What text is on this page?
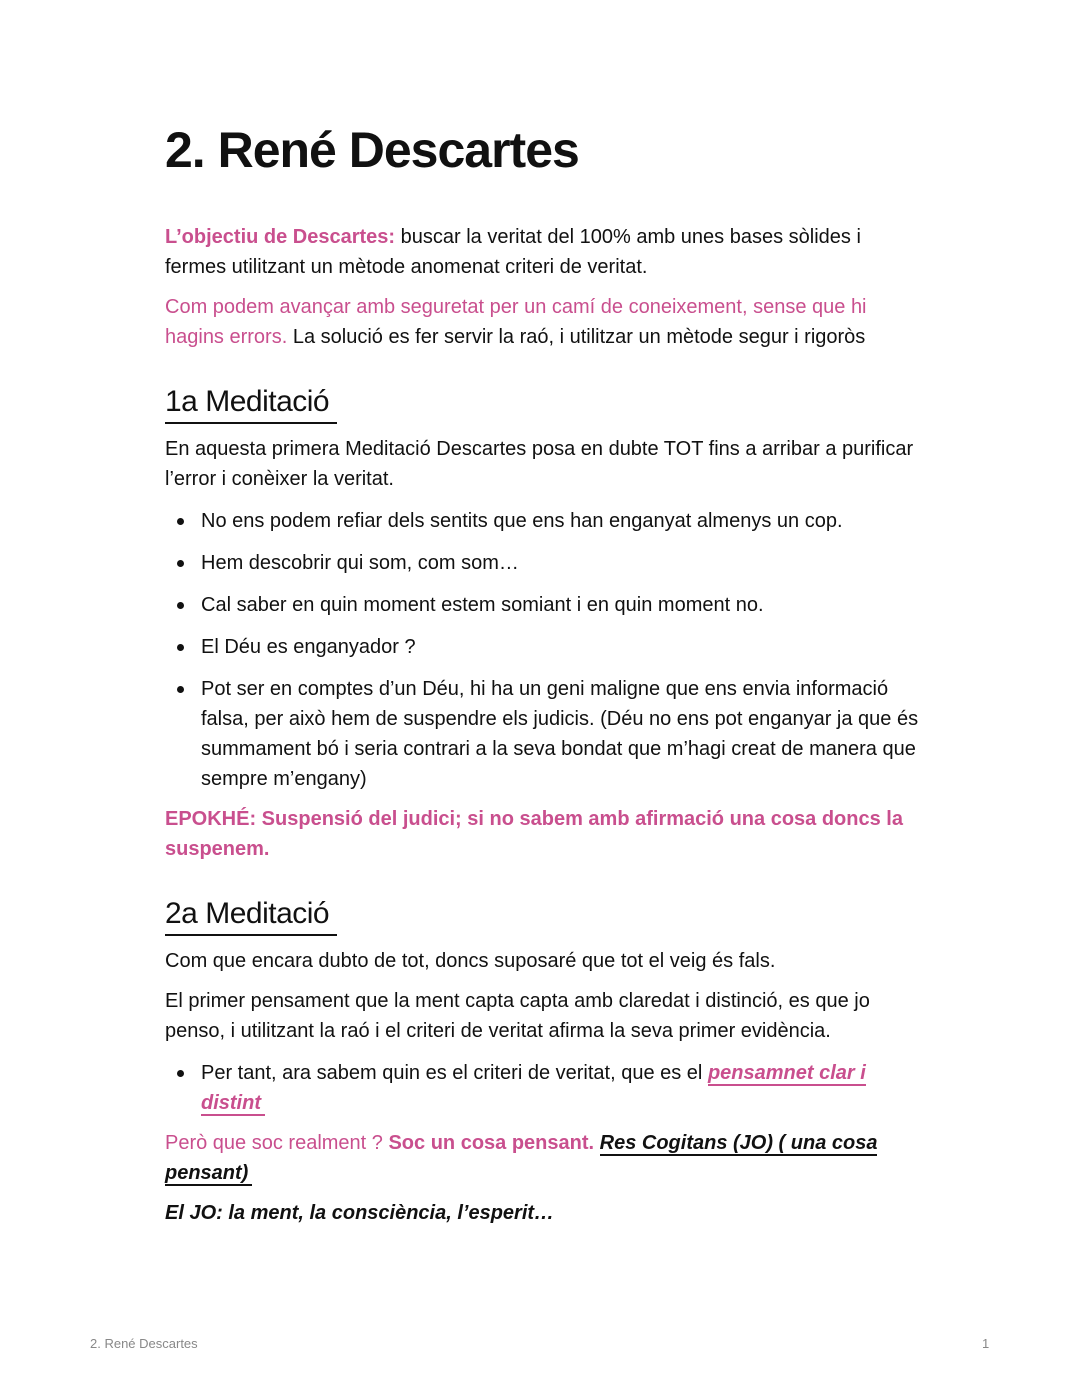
2. René Descartes

L’objectiu de Descartes: buscar la veritat del 100% amb unes bases sòlides i fermes utilitzant un mètode anomenat criteri de veritat.

Com podem avançar amb seguretat per un camí de coneixement, sense que hi hagins errors. La solució es fer servir la raó, i utilitzar un mètode segur i rigoròs

1a Meditació

En aquesta primera Meditació Descartes posa en dubte TOT fins a arribar a purificar l’error i conèixer la veritat.

No ens podem refiar dels sentits que ens han enganyat almenys un cop.
Hem descobrir qui som, com som…
Cal saber en quin moment estem somiant i en quin moment no.
El Déu es enganyador ?
Pot ser en comptes d’un Déu, hi ha un geni maligne que ens envia informació falsa, per això hem de suspendre els judicis. (Déu no ens pot enganyar ja que és summament bó i seria contrari a la seva bondat que m’hagi creat de manera que sempre m’engany)

EPOKHÉ: Suspensió del judici; si no sabem amb afirmació una cosa doncs la suspenem.

2a Meditació

Com que encara dubto de tot, doncs suposaré que tot el veig és fals.

El primer pensament que la ment capta capta amb claredat i distinció, es que jo penso, i utilitzant la raó i el criteri de veritat afirma la seva primer evidència.

Per tant, ara sabem quin es el criteri de veritat, que es el pensamnet clar i distint

Però que soc realment ? Soc un cosa pensant. Res Cogitans (JO) ( una cosa pensant)

El JO: la ment, la consciència, l’esperit…

2. René Descartes	1
